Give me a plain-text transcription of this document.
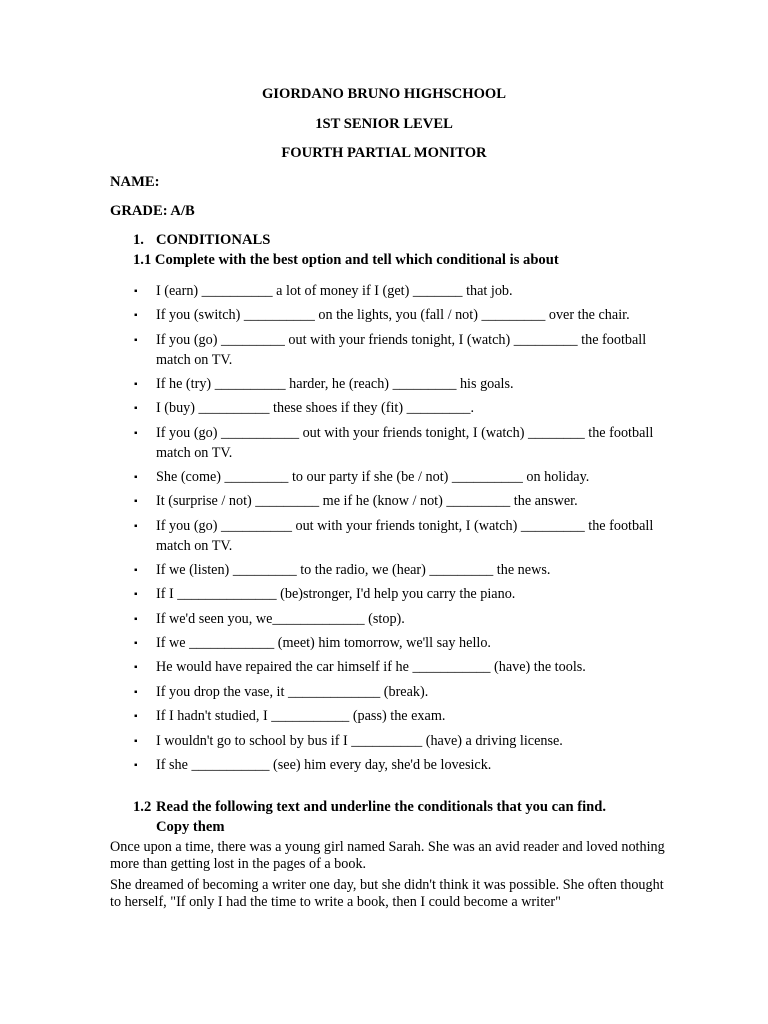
GIORDANO BRUNO HIGHSCHOOL
1ST SENIOR LEVEL
FOURTH PARTIAL MONITOR
NAME:
GRADE: A/B
1. CONDITIONALS
1.1 Complete with the best option and tell which conditional is about
▪ I (earn) __________ a lot of money if I (get) _______ that job.
▪ If you (switch) __________ on the lights, you (fall / not) _________ over the chair.
▪ If you (go) _________ out with your friends tonight, I (watch) _________ the football match on TV.
▪ If he (try) __________ harder, he (reach) _________ his goals.
▪ I (buy) __________ these shoes if they (fit) _________.
▪ If you (go) ___________ out with your friends tonight, I (watch) ________ the football match on TV.
▪ She (come) _________ to our party if she (be / not) __________ on holiday.
▪ It (surprise / not) _________ me if he (know / not) _________ the answer.
▪ If you (go) __________ out with your friends tonight, I (watch) _________ the football match on TV.
▪ If we (listen) _________ to the radio, we (hear) _________ the news.
▪ If I ______________ (be)stronger, I'd help you carry the piano.
▪ If we'd seen you, we_____________ (stop).
▪ If we ____________ (meet) him tomorrow, we'll say hello.
▪ He would have repaired the car himself if he ___________ (have) the tools.
▪ If you drop the vase, it _____________ (break).
▪ If I hadn't studied, I ___________ (pass) the exam.
▪ I wouldn't go to school by bus if I __________ (have) a driving license.
▪ If she ___________ (see) him every day, she'd be lovesick.
1.2 Read the following text and underline the conditionals that you can find.
Copy them
Once upon a time, there was a young girl named Sarah. She was an avid reader and loved nothing more than getting lost in the pages of a book.
She dreamed of becoming a writer one day, but she didn't think it was possible. She often thought to herself, "If only I had the time to write a book, then I could become a writer"
